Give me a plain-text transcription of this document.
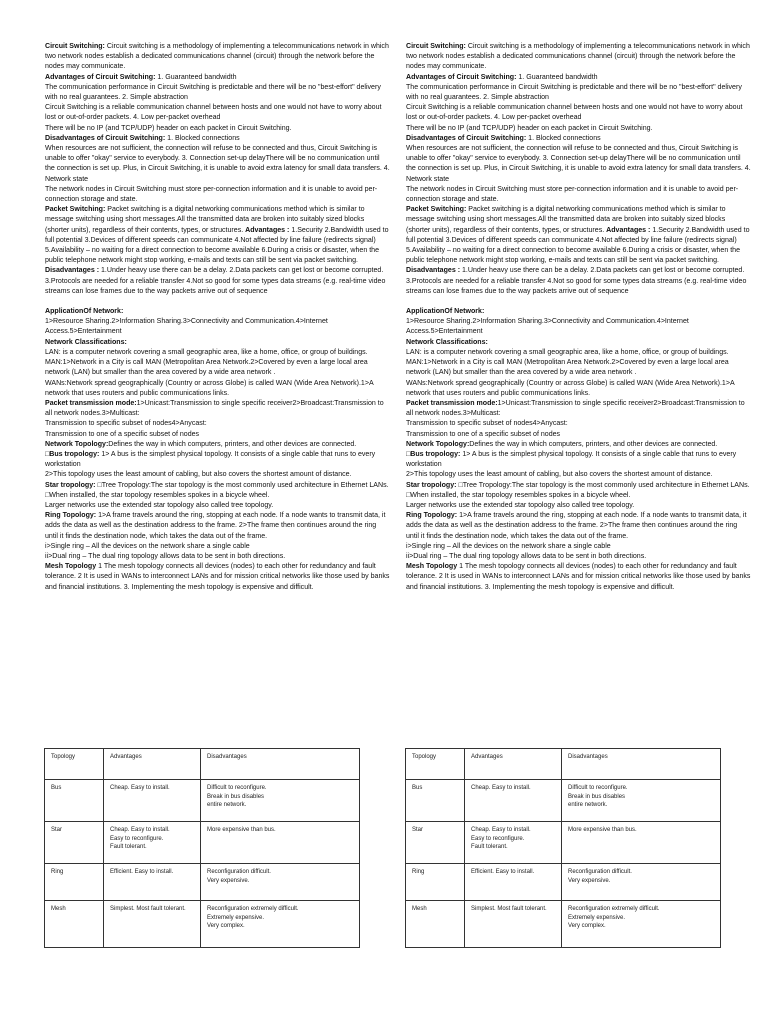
Circuit Switching: Circuit switching is a methodology of implementing a telecommunications network in which two network nodes establish a dedicated communications channel (circuit) through the network before the nodes may communicate.

Advantages of Circuit Switching: 1. Guaranteed bandwidth

The communication performance in Circuit Switching is predictable and there will be no "best-effort" delivery with no real guarantees. 2. Simple abstraction

Circuit Switching is a reliable communication channel between hosts and one would not have to worry about lost or out-of-order packets. 4. Low per-packet overhead

There will be no IP (and TCP/UDP) header on each packet in Circuit Switching.

Disadvantages of Circuit Switching: 1. Blocked connections

When resources are not sufficient, the connection will refuse to be connected and thus, Circuit Switching is unable to offer "okay" service to everybody. 3. Connection set-up delayThere will be no communication until the connection is set up. Plus, in Circuit Switching, it is unable to avoid extra latency for small data transfers. 4. Network state

The network nodes in Circuit Switching must store per-connection information and it is unable to avoid per-connection storage and state.

Packet Switching: Packet switching is a digital networking communications method which is similar to message switching using short messages.All the transmitted data are broken into suitably sized blocks (shorter units), regardless of their contents, types, or structures. Advantages : 1.Security 2.Bandwidth used to full potential 3.Devices of different speeds can communicate 4.Not affected by line failure (redirects signal) 5.Availability – no waiting for a direct connection to become available 6.During a crisis or disaster, when the public telephone network might stop working, e-mails and texts can still be sent via packet switching.

Disadvantages : 1.Under heavy use there can be a delay. 2.Data packets can get lost or become corrupted. 3.Protocols are needed for a reliable transfer 4.Not so good for some types data streams (e.g. real-time video streams can lose frames due to the way packets arrive out of sequence

ApplicationOf Network:

1>Resource Sharing.2>Information Sharing.3>Connectivity and Communication.4>Internet Access.5>Entertainment

Network Classifications:

LAN: is a computer network covering a small geographic area, like a home, office, or group of buildings.

MAN:1>Network in a City is call MAN (Metropolitan Area Network.2>Covered by even a large local area network (LAN) but smaller than the area covered by a wide area network .

WANs:Network spread geographically (Country or across Globe) is called WAN (Wide Area Network).1>A network that uses routers and public communications links.

Packet transmission mode:1>Unicast:Transmission to single specific receiver2>Broadcast:Transmission to all network nodes.3>Multicast:

Transmission to specific subset of nodes4>Anycast:

Transmission to one of a specific subset of nodes

Network Topology:Defines the way in which computers, printers, and other devices are connected.

□Bus tropology: 1> A bus is the simplest physical topology. It consists of a single cable that runs to every workstation

2>This topology uses the least amount of cabling, but also covers the shortest amount of distance.

Star tropology: □Tree Tropology:The star topology is the most commonly used architecture in Ethernet LANs.

□When installed, the star topology resembles spokes in a bicycle wheel.

Larger networks use the extended star topology also called tree topology.

Ring Topology: 1>A frame travels around the ring, stopping at each node. If a node wants to transmit data, it adds the data as well as the destination address to the frame. 2>The frame then continues around the ring until it finds the destination node, which takes the data out of the frame.

i>Single ring – All the devices on the network share a single cable

ii>Dual ring – The dual ring topology allows data to be sent in both directions.

Mesh Topology 1 The mesh topology connects all devices (nodes) to each other for redundancy and fault tolerance. 2 It is used in WANs to interconnect LANs and for mission critical networks like those used by banks and financial institutions. 3. Implementing the mesh topology is expensive and difficult.

Circuit Switching: Circuit switching is a methodology of implementing a telecommunications network in which two network nodes establish a dedicated communications channel (circuit) through the network before the nodes may communicate.

Advantages of Circuit Switching: 1. Guaranteed bandwidth

The communication performance in Circuit Switching is predictable and there will be no "best-effort" delivery with no real guarantees. 2. Simple abstraction

Circuit Switching is a reliable communication channel between hosts and one would not have to worry about lost or out-of-order packets. 4. Low per-packet overhead

There will be no IP (and TCP/UDP) header on each packet in Circuit Switching.

Disadvantages of Circuit Switching: 1. Blocked connections

When resources are not sufficient, the connection will refuse to be connected and thus, Circuit Switching is unable to offer "okay" service to everybody. 3. Connection set-up delayThere will be no communication until the connection is set up. Plus, in Circuit Switching, it is unable to avoid extra latency for small data transfers. 4. Network state

The network nodes in Circuit Switching must store per-connection information and it is unable to avoid per-connection storage and state.

Packet Switching: Packet switching is a digital networking communications method which is similar to message switching using short messages.All the transmitted data are broken into suitably sized blocks (shorter units), regardless of their contents, types, or structures. Advantages : 1.Security 2.Bandwidth used to full potential 3.Devices of different speeds can communicate 4.Not affected by line failure (redirects signal) 5.Availability – no waiting for a direct connection to become available 6.During a crisis or disaster, when the public telephone network might stop working, e-mails and texts can still be sent via packet switching.

Disadvantages : 1.Under heavy use there can be a delay. 2.Data packets can get lost or become corrupted. 3.Protocols are needed for a reliable transfer 4.Not so good for some types data streams (e.g. real-time video streams can lose frames due to the way packets arrive out of sequence

ApplicationOf Network:

1>Resource Sharing.2>Information Sharing.3>Connectivity and Communication.4>Internet Access.5>Entertainment

Network Classifications:

LAN: is a computer network covering a small geographic area, like a home, office, or group of buildings.

MAN:1>Network in a City is call MAN (Metropolitan Area Network.2>Covered by even a large local area network (LAN) but smaller than the area covered by a wide area network .

WANs:Network spread geographically (Country or across Globe) is called WAN (Wide Area Network).1>A network that uses routers and public communications links.

Packet transmission mode:1>Unicast:Transmission to single specific receiver2>Broadcast:Transmission to all network nodes.3>Multicast:

Transmission to specific subset of nodes4>Anycast:

Transmission to one of a specific subset of nodes

Network Topology:Defines the way in which computers, printers, and other devices are connected.

□Bus tropology: 1> A bus is the simplest physical topology. It consists of a single cable that runs to every workstation

2>This topology uses the least amount of cabling, but also covers the shortest amount of distance.

Star tropology: □Tree Tropology:The star topology is the most commonly used architecture in Ethernet LANs.

□When installed, the star topology resembles spokes in a bicycle wheel.

Larger networks use the extended star topology also called tree topology.

Ring Topology: 1>A frame travels around the ring, stopping at each node. If a node wants to transmit data, it adds the data as well as the destination address to the frame. 2>The frame then continues around the ring until it finds the destination node, which takes the data out of the frame.

i>Single ring – All the devices on the network share a single cable

ii>Dual ring – The dual ring topology allows data to be sent in both directions.

Mesh Topology 1 The mesh topology connects all devices (nodes) to each other for redundancy and fault tolerance. 2 It is used in WANs to interconnect LANs and for mission critical networks like those used by banks and financial institutions. 3. Implementing the mesh topology is expensive and difficult.

Topology	Advantages	Disadvantages
Bus	Cheap. Easy to install.	Difficult to reconfigure.
Break in bus disables
entire network.

Star	Cheap. Easy to install.
Easy to reconfigure.
Fault tolerant.	More expensive than bus.

Ring	Efficient. Easy to install.	Reconfiguration difficult.
Very expensive.

Mesh	Simplest. Most fault tolerant.	Reconfiguration extremely difficult.
Extremely expensive.
Very complex.
Topology	Advantages	Disadvantages
Bus	Cheap. Easy to install.	Difficult to reconfigure.
Break in bus disables
entire network.

Star	Cheap. Easy to install.
Easy to reconfigure.
Fault tolerant.	More expensive than bus.

Ring	Efficient. Easy to install.	Reconfiguration difficult.
Very expensive.

Mesh	Simplest. Most fault tolerant.	Reconfiguration extremely difficult.
Extremely expensive.
Very complex.
